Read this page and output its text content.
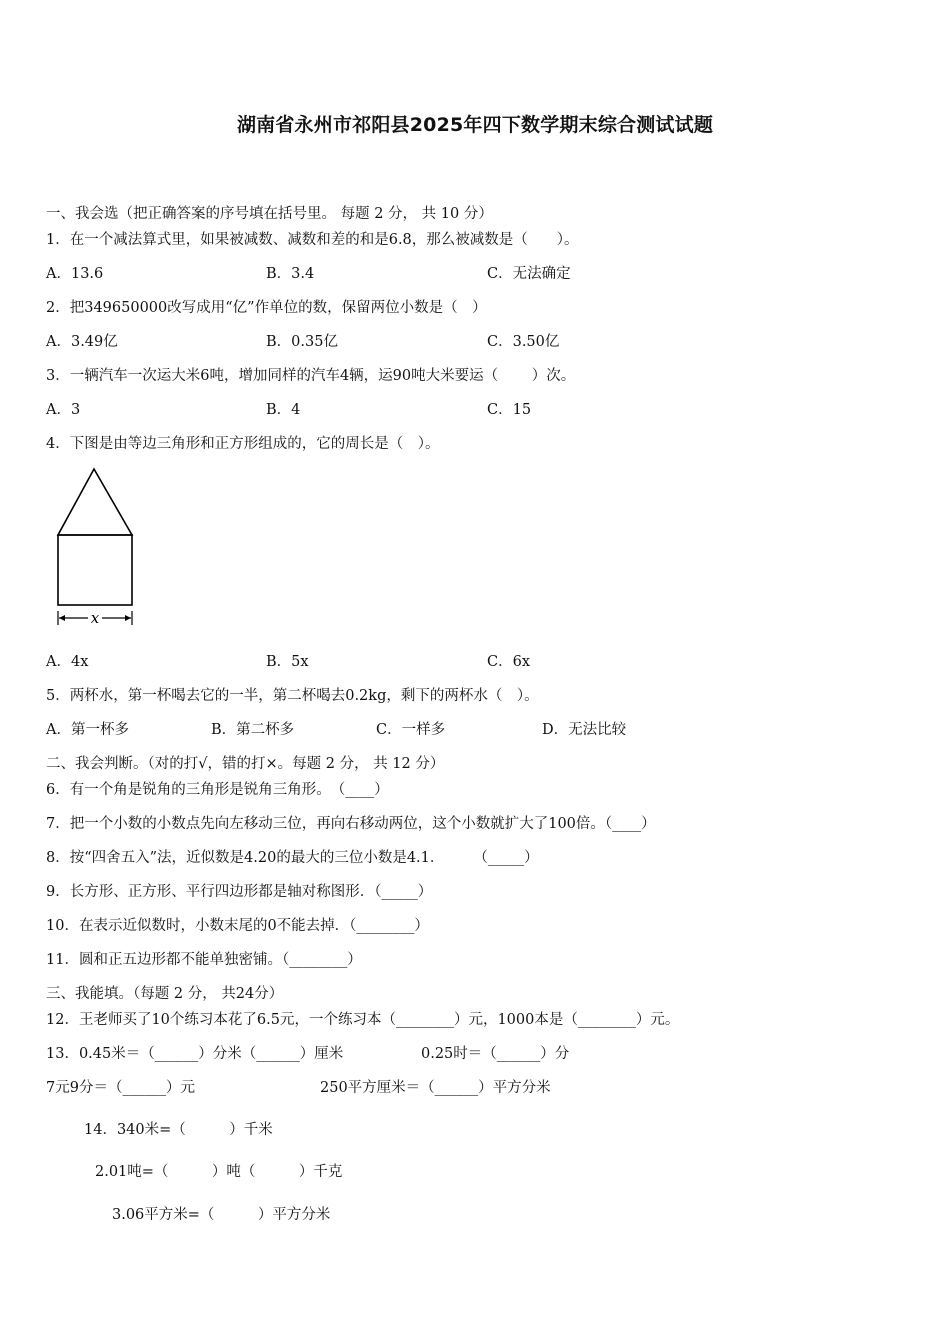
湖南省永州市祁阳县2025年四下数学期末综合测试试题
一、我会选（把正确答案的序号填在括号里。 每题 2 分， 共 10 分）
1．在一个减法算式里，如果被减数、减数和差的和是6.8，那么被减数是（　　）。
A．13.6	B．3.4	C．无法确定
2．把349650000改写成用“亿”作单位的数，保留两位小数是（　）
A．3.49亿	B．0.35亿	C．3.50亿
3．一辆汽车一次运大米6吨，增加同样的汽车4辆，运90吨大米要运（　　 ）次。
A．3	B．4	C．15
4．下图是由等边三角形和正方形组成的，它的周长是（　）。
x
A．4x	B．5x	C．6x
5．两杯水，第一杯喝去它的一半，第二杯喝去0.2kg，剩下的两杯水（　）。
A．第一杯多	B．第二杯多	C．一样多	D．无法比较
二、我会判断。（对的打√，错的打×。每题 2 分， 共 12 分）
6．有一个角是锐角的三角形是锐角三角形。　（____）
7．把一个小数的小数点先向左移动三位，再向右移动两位，这个小数就扩大了100倍。（____）
8．按“四舍五入”法，近似数是4.20的最大的三位小数是4.1．　　　（_____）
9．长方形、正方形、平行四边形都是轴对称图形．（_____）
10．在表示近似数时，小数末尾的0不能去掉．（________）
11．圆和正五边形都不能单独密铺。（________）
三、我能填。（每题 2 分， 共24分）
12．王老师买了10个练习本花了6.5元，一个练习本（________）元，1000本是（________）元。
13．0.45米＝（______）分米（______）厘米	0.25时＝（______）分
7元9分＝（______）元	250平方厘米＝（______）平方分米
14．340米=（　　　）千米
2.01吨=（　　　）吨（　　　）千克
3.06平方米=（　　　）平方分米
